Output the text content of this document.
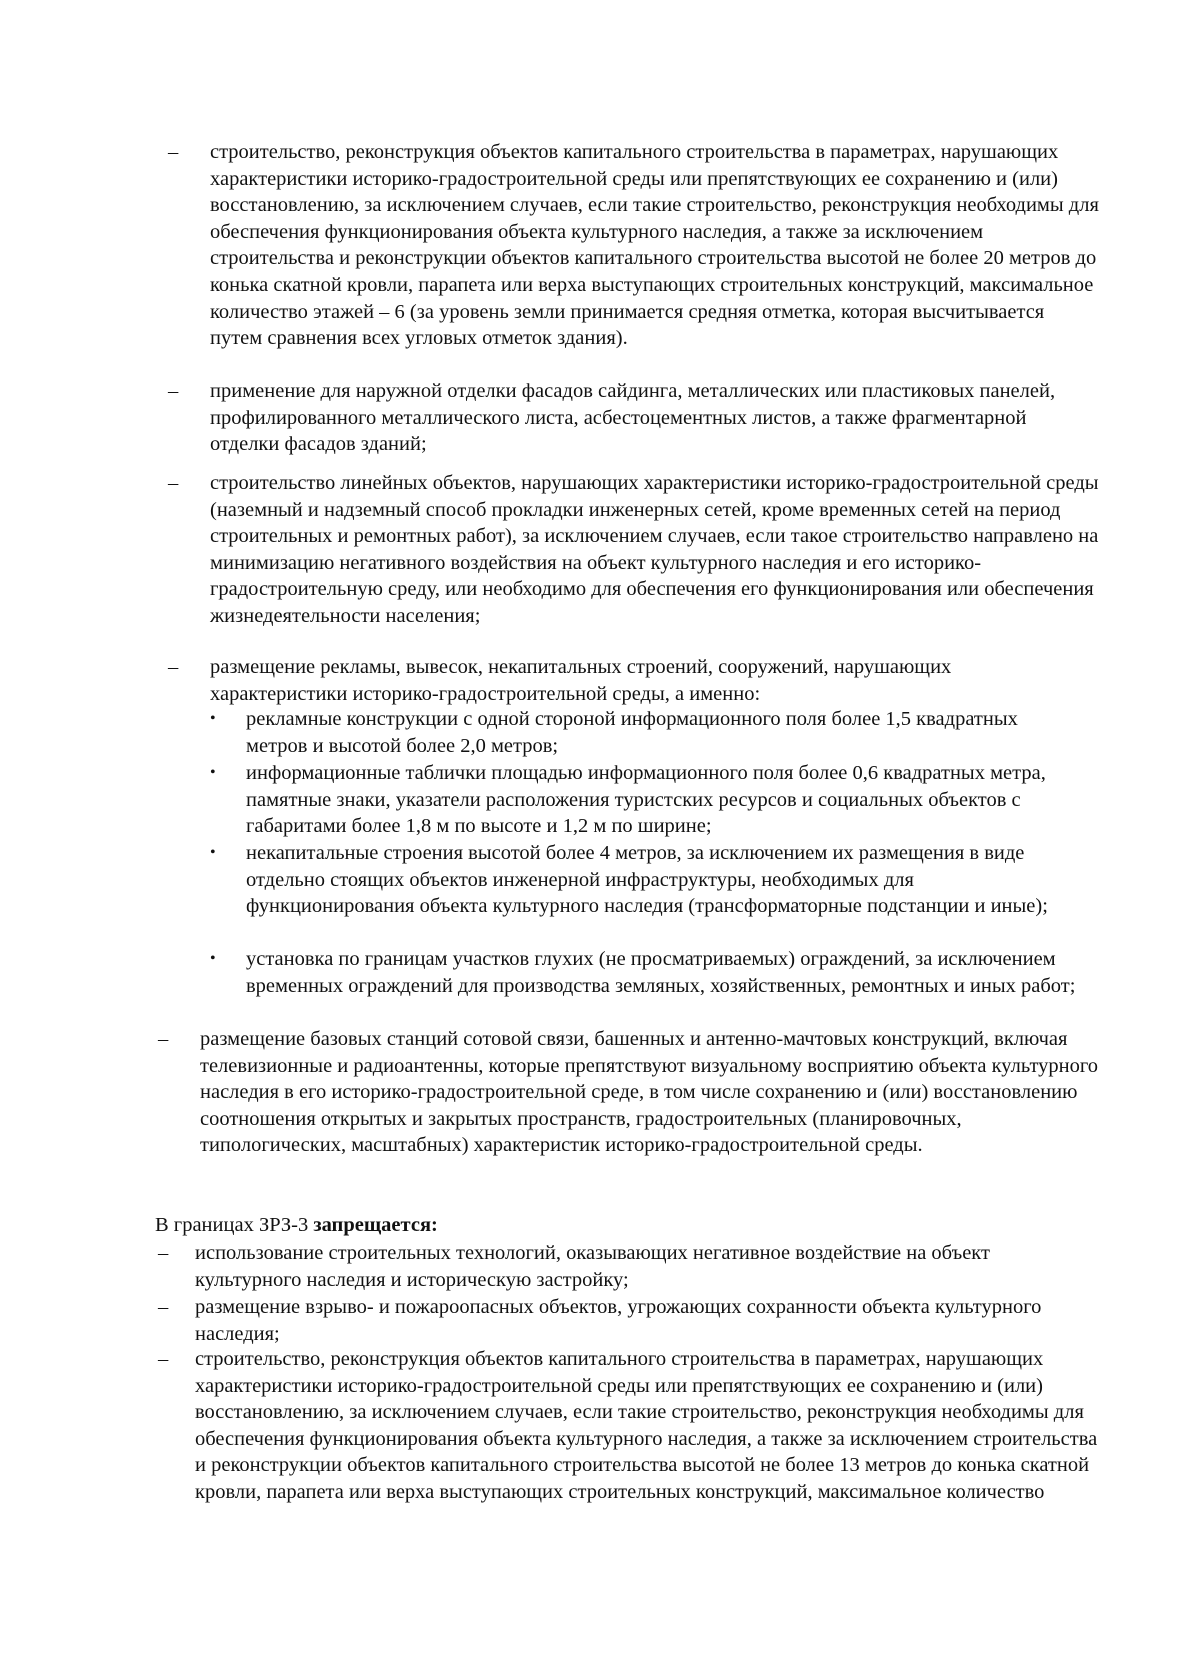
–	строительство, реконструкция объектов капитального строительства в параметрах, нарушающих характеристики историко-градостроительной среды или препятствующих ее сохранению и (или) восстановлению, за исключением случаев, если такие строительство, реконструкция необходимы для обеспечения функционирования объекта культурного наследия, а также за исключением строительства и реконструкции объектов капитального строительства высотой не более 20 метров до конька скатной кровли, парапета или верха выступающих строительных конструкций, максимальное количество этажей – 6 (за уровень земли принимается средняя отметка, которая высчитывается путем сравнения всех угловых отметок здания).
–	применение для наружной отделки фасадов сайдинга, металлических или пластиковых панелей, профилированного металлического листа, асбестоцементных листов, а также фрагментарной отделки фасадов зданий;
–	строительство линейных объектов, нарушающих характеристики историко-градостроительной среды (наземный и надземный способ прокладки инженерных сетей, кроме временных сетей на период строительных и ремонтных работ), за исключением случаев, если такое строительство направлено на минимизацию негативного воздействия на объект культурного наследия и его историко-градостроительную среду, или необходимо для обеспечения его функционирования или обеспечения жизнедеятельности населения;
–	размещение рекламы, вывесок, некапитальных строений, сооружений, нарушающих характеристики историко-градостроительной среды, а именно:
•	рекламные конструкции с одной стороной информационного поля более 1,5 квадратных метров и высотой более 2,0 метров;
•	информационные таблички площадью информационного поля более 0,6 квадратных метра, памятные знаки, указатели расположения туристских ресурсов и социальных объектов с габаритами более 1,8 м по высоте и 1,2 м по ширине;
•	некапитальные строения высотой более 4 метров, за исключением их размещения в виде отдельно стоящих объектов инженерной инфраструктуры, необходимых для функционирования объекта культурного наследия (трансформаторные подстанции и иные);
•	установка по границам участков глухих (не просматриваемых) ограждений, за исключением временных ограждений для производства земляных, хозяйственных, ремонтных и иных работ;
–	размещение базовых станций сотовой связи, башенных и антенно-мачтовых конструкций, включая телевизионные и радиоантенны, которые препятствуют визуальному восприятию объекта культурного наследия в его историко-градостроительной среде, в том числе сохранению и (или) восстановлению соотношения открытых и закрытых пространств, градостроительных (планировочных, типологических, масштабных) характеристик историко-градостроительной среды.
В границах ЗРЗ-3 запрещается:
–	использование строительных технологий, оказывающих негативное воздействие на объект культурного наследия и историческую застройку;
–	размещение взрыво- и пожароопасных объектов, угрожающих сохранности объекта культурного наследия;
–	строительство, реконструкция объектов капитального строительства в параметрах, нарушающих характеристики историко-градостроительной среды или препятствующих ее сохранению и (или) восстановлению, за исключением случаев, если такие строительство, реконструкция необходимы для обеспечения функционирования объекта культурного наследия, а также за исключением строительства и реконструкции объектов капитального строительства высотой не более 13 метров до конька скатной кровли, парапета или верха выступающих строительных конструкций, максимальное количество
